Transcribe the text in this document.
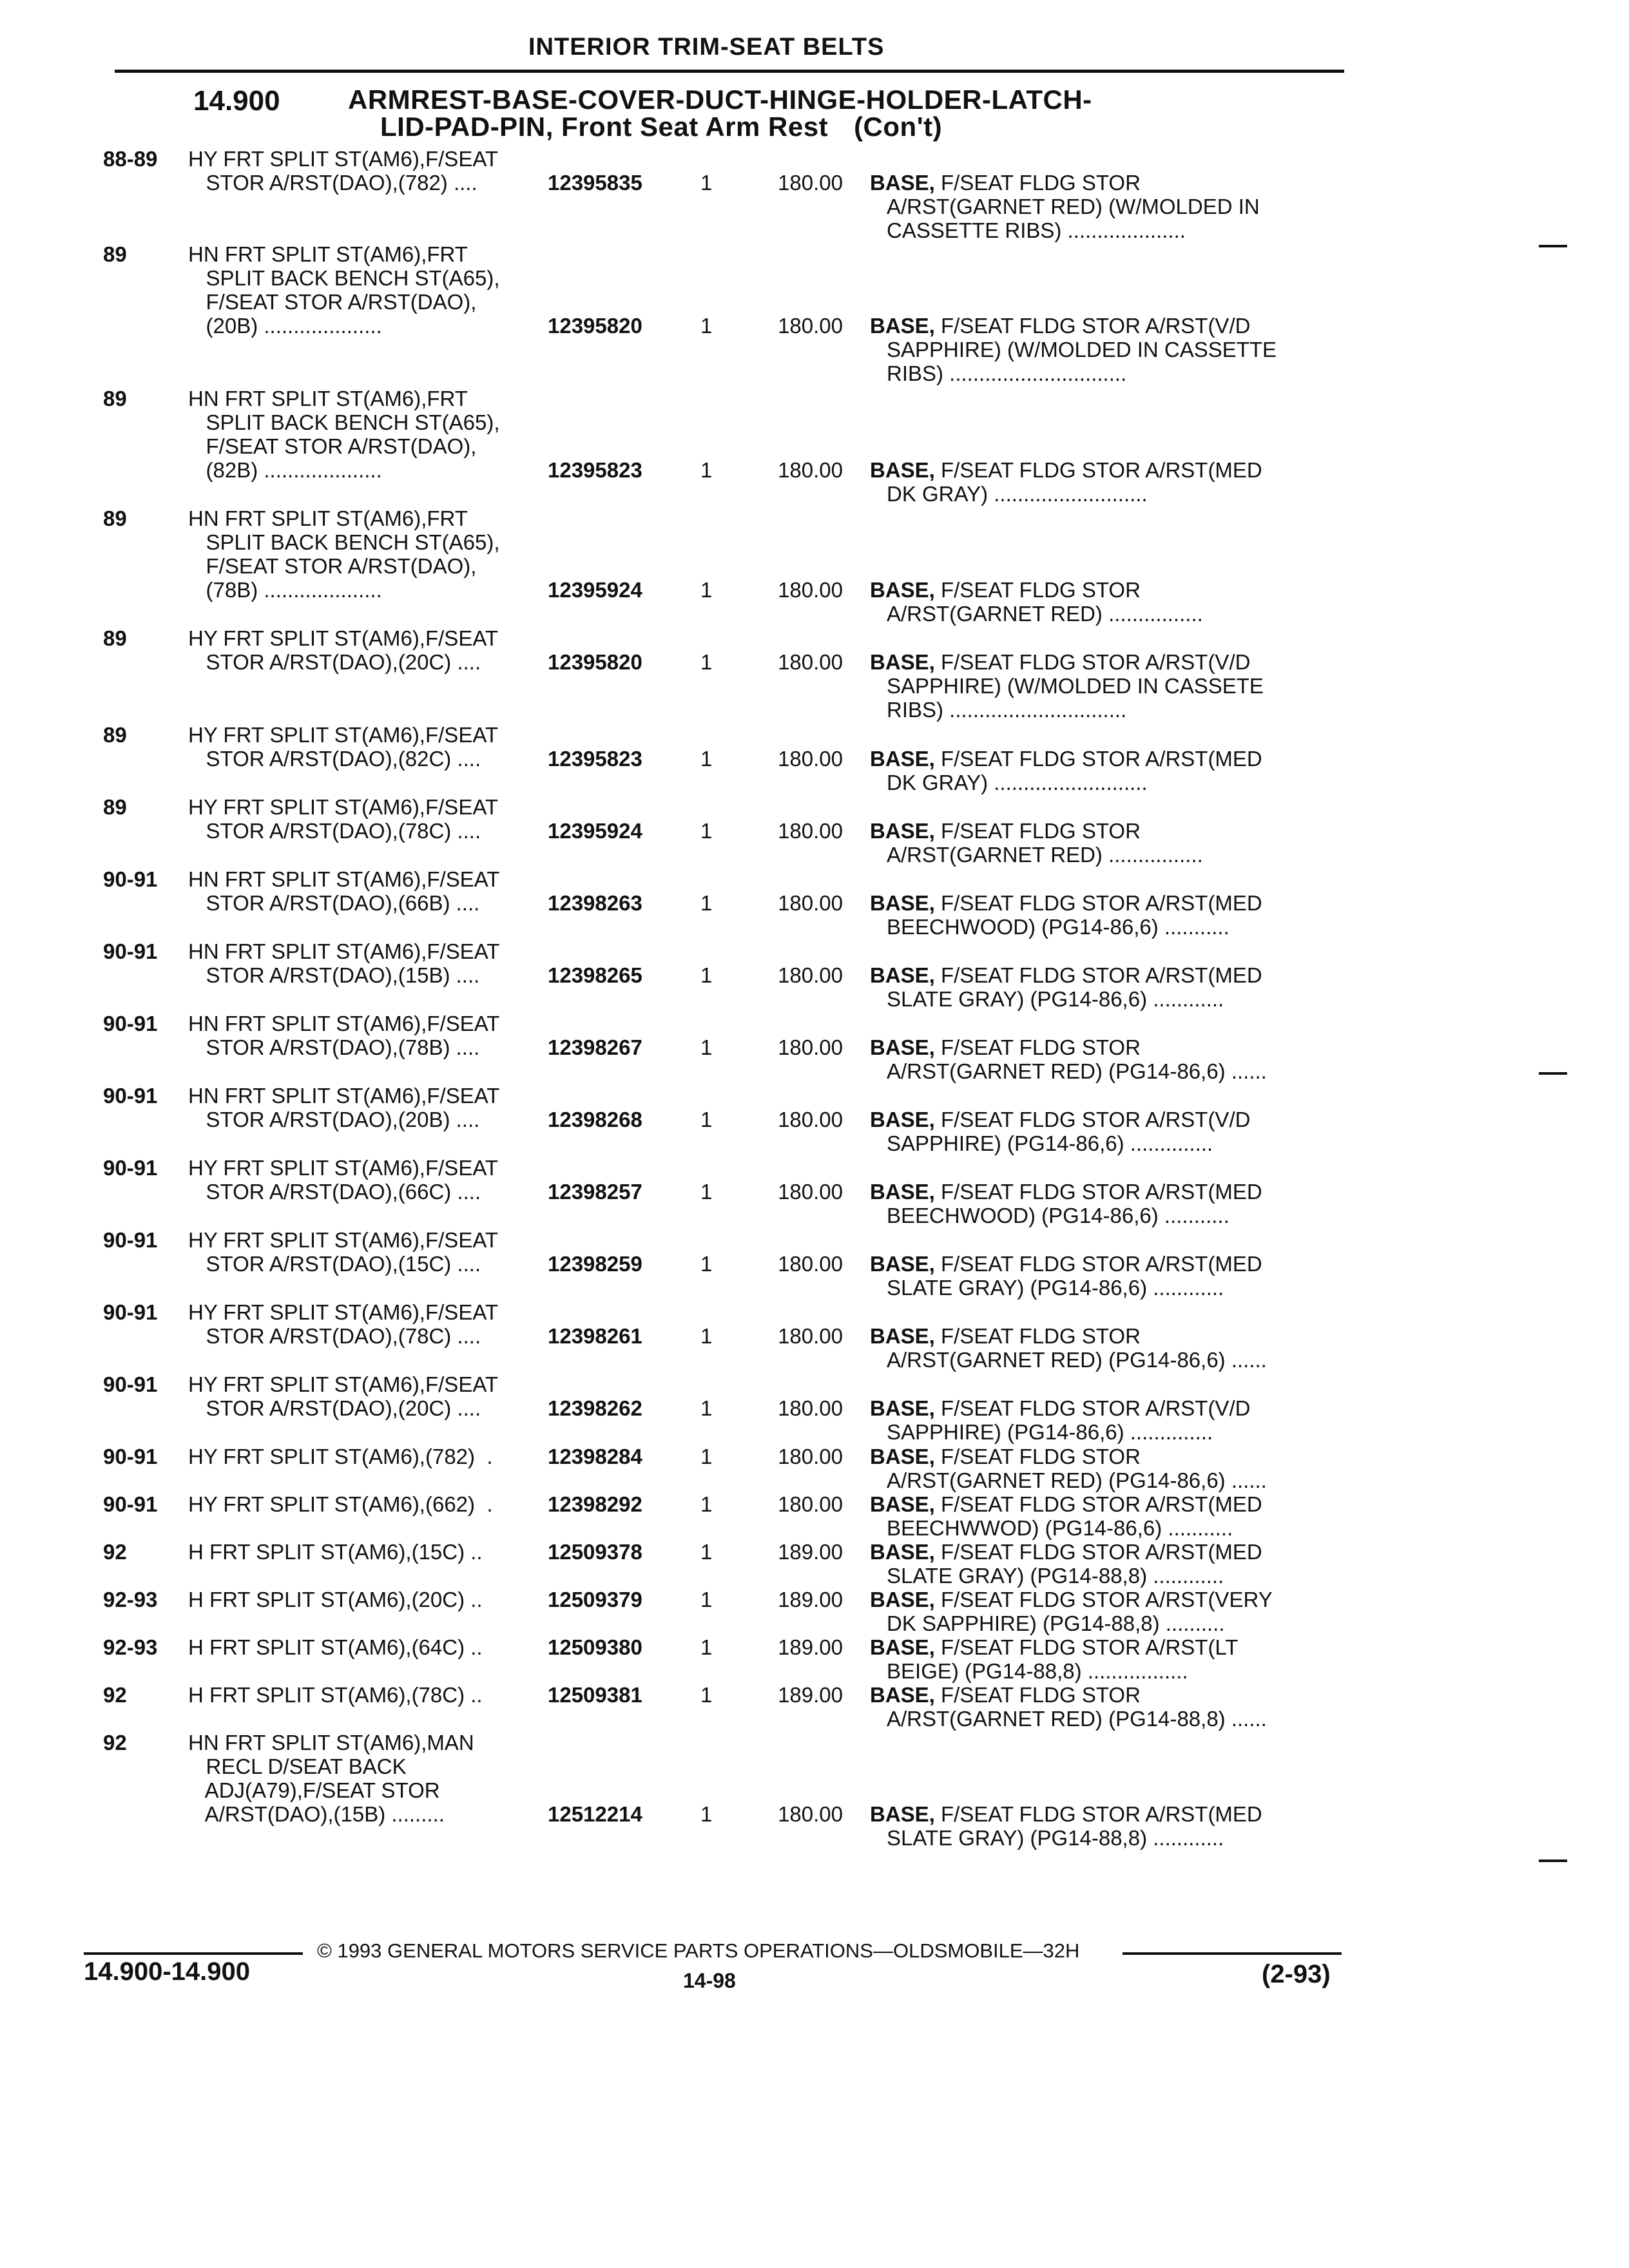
INTERIOR TRIM-SEAT BELTS
14.900	ARMREST-BASE-COVER-DUCT-HINGE-HOLDER-LATCH-
LID-PAD-PIN, Front Seat Arm Rest (Con't)
88-89 HY FRT SPLIT ST(AM6),F/SEAT
STOR A/RST(DAO),(782) ....	12395835	1	180.00 BASE, F/SEAT FLDG STOR
A/RST(GARNET RED) (W/MOLDED IN
CASSETTE RIBS) ....................
89	HN FRT SPLIT ST(AM6),FRT
SPLIT BACK BENCH ST(A65),
F/SEAT STOR A/RST(DAO),
(20B) ....................	12395820	1	180.00 BASE, F/SEAT FLDG STOR A/RST(V/D
SAPPHIRE) (W/MOLDED IN CASSETTE
RIBS) ..............................
89	HN FRT SPLIT ST(AM6),FRT
SPLIT BACK BENCH ST(A65),
F/SEAT STOR A/RST(DAO),
(82B) ....................	12395823	1	180.00 BASE, F/SEAT FLDG STOR A/RST(MED
DK GRAY) ..........................
89	HN FRT SPLIT ST(AM6),FRT
SPLIT BACK BENCH ST(A65),
F/SEAT STOR A/RST(DAO),
(78B) ....................	12395924	1	180.00 BASE, F/SEAT FLDG STOR
A/RST(GARNET RED) ................
89	HY FRT SPLIT ST(AM6),F/SEAT
STOR A/RST(DAO),(20C) ....	12395820	1	180.00 BASE, F/SEAT FLDG STOR A/RST(V/D
SAPPHIRE) (W/MOLDED IN CASSETE
RIBS) ..............................
89	HY FRT SPLIT ST(AM6),F/SEAT
STOR A/RST(DAO),(82C) ....	12395823	1	180.00 BASE, F/SEAT FLDG STOR A/RST(MED
DK GRAY) ..........................
89	HY FRT SPLIT ST(AM6),F/SEAT
STOR A/RST(DAO),(78C) ....	12395924	1	180.00 BASE, F/SEAT FLDG STOR
A/RST(GARNET RED) ................
90-91 HN FRT SPLIT ST(AM6),F/SEAT
STOR A/RST(DAO),(66B) ....	12398263	1	180.00 BASE, F/SEAT FLDG STOR A/RST(MED
BEECHWOOD) (PG14-86,6) ...........
90-91 HN FRT SPLIT ST(AM6),F/SEAT
STOR A/RST(DAO),(15B) ....	12398265	1	180.00 BASE, F/SEAT FLDG STOR A/RST(MED
SLATE GRAY) (PG14-86,6) ............
90-91 HN FRT SPLIT ST(AM6),F/SEAT
STOR A/RST(DAO),(78B) ....	12398267	1	180.00 BASE, F/SEAT FLDG STOR
A/RST(GARNET RED) (PG14-86,6) ......
90-91 HN FRT SPLIT ST(AM6),F/SEAT
STOR A/RST(DAO),(20B) ....	12398268	1	180.00 BASE, F/SEAT FLDG STOR A/RST(V/D
SAPPHIRE) (PG14-86,6) ..............
90-91 HY FRT SPLIT ST(AM6),F/SEAT
STOR A/RST(DAO),(66C) ....	12398257	1	180.00 BASE, F/SEAT FLDG STOR A/RST(MED
BEECHWOOD) (PG14-86,6) ...........
90-91 HY FRT SPLIT ST(AM6),F/SEAT
STOR A/RST(DAO),(15C) ....	12398259	1	180.00 BASE, F/SEAT FLDG STOR A/RST(MED
SLATE GRAY) (PG14-86,6) ............
90-91 HY FRT SPLIT ST(AM6),F/SEAT
STOR A/RST(DAO),(78C) ....	12398261	1	180.00 BASE, F/SEAT FLDG STOR
A/RST(GARNET RED) (PG14-86,6) ......
90-91 HY FRT SPLIT ST(AM6),F/SEAT
STOR A/RST(DAO),(20C) ....	12398262	1	180.00 BASE, F/SEAT FLDG STOR A/RST(V/D
SAPPHIRE) (PG14-86,6) ..............
90-91 HY FRT SPLIT ST(AM6),(782)  .	12398284	1	180.00 BASE, F/SEAT FLDG STOR
A/RST(GARNET RED) (PG14-86,6) ......
90-91 HY FRT SPLIT ST(AM6),(662)  .	12398292	1	180.00 BASE, F/SEAT FLDG STOR A/RST(MED
BEECHWWOD) (PG14-86,6) ...........
92	H FRT SPLIT ST(AM6),(15C) ..	12509378	1	189.00 BASE, F/SEAT FLDG STOR A/RST(MED
SLATE GRAY) (PG14-88,8) ............
92-93 H FRT SPLIT ST(AM6),(20C) ..	12509379	1	189.00 BASE, F/SEAT FLDG STOR A/RST(VERY
DK SAPPHIRE) (PG14-88,8) ..........
92-93 H FRT SPLIT ST(AM6),(64C) ..	12509380	1	189.00 BASE, F/SEAT FLDG STOR A/RST(LT
BEIGE) (PG14-88,8) .................
92	H FRT SPLIT ST(AM6),(78C) ..	12509381	1	189.00 BASE, F/SEAT FLDG STOR
A/RST(GARNET RED) (PG14-88,8) ......
92	HN FRT SPLIT ST(AM6),MAN
RECL D/SEAT BACK
ADJ(A79),F/SEAT STOR
A/RST(DAO),(15B) .........	12512214	1	180.00 BASE, F/SEAT FLDG STOR A/RST(MED
SLATE GRAY) (PG14-88,8) ............
© 1993 GENERAL MOTORS SERVICE PARTS OPERATIONS—OLDSMOBILE—32H
14.900-14.900	14-98	(2-93)
